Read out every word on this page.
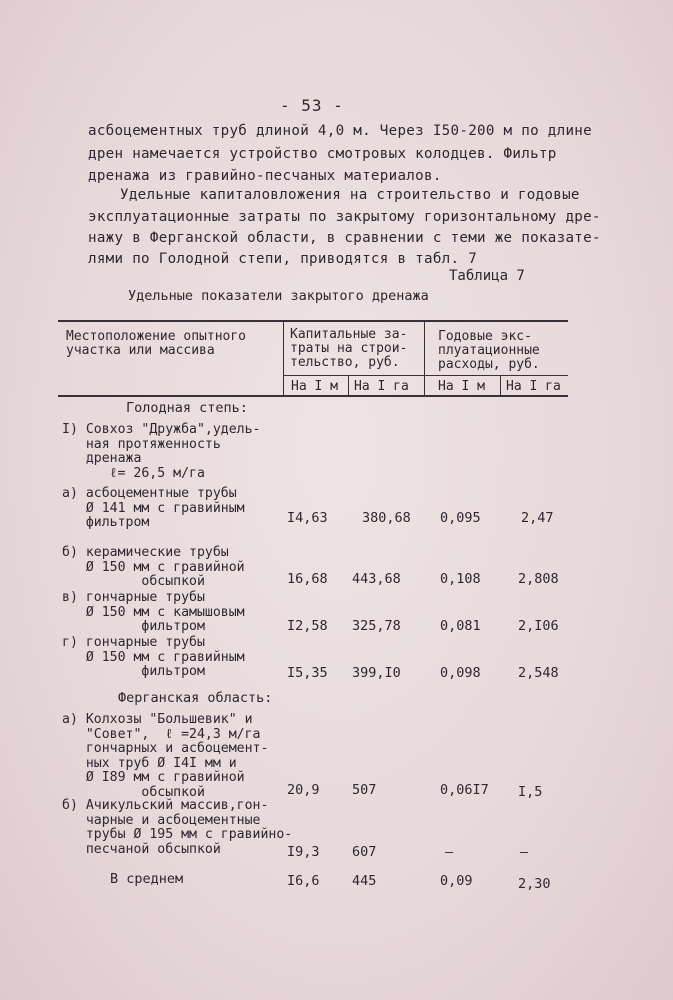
- 53 -
асбоцементных труб длиной 4,0 м. Через I50-200 м по длине
дрен намечается устройство смотровых колодцев. Фильтр
дренажа из гравийно-песчаных материалов.
Удельные капиталовложения на строительство и годовые
эксплуатационные затраты по закрытому горизонтальному дре-
нажу в Ферганской области, в сравнении с теми же показате-
лями по Голодной степи, приводятся в табл. 7
Таблица 7
Удельные показатели закрытого дренажа
Местоположение опытного
участка или массива
Капитальные за-
траты на строи-
тельство, руб.
Годовые экс-
плуатационные
расходы, руб.
На I м На I га На I м На I га
Голодная степь:
I) Совхоз "Дружба",удель-
ная протяженность
дренажа
ℓ= 26,5 м/га
а) асбоцементные трубы
Ø 141 мм с гравийным
фильтром	I4,63	380,68 0,095	2,47
б) керамические трубы
Ø 150 мм с гравийной
обсыпкой	16,68 443,68	0,108	2,808
в) гончарные трубы
Ø 150 мм с камышовым
фильтром	I2,58 325,78	0,081	2,I06
г) гончарные трубы
Ø 150 мм с гравийным
фильтром	I5,35 399,I0	0,098	2,548
Ферганская область:
а) Колхозы "Большевик" и
"Совет",  ℓ =24,3 м/га
гончарных и асбоцемент-
ных труб Ø I4I мм и
Ø I89 мм с гравийной
обсыпкой	20,9 507	0,06I7 I,5
б) Ачикульский массив,гон-
чарные и асбоцементные
трубы Ø 195 мм с гравийно-
песчаной обсыпкой	I9,3 607	–	–
В среднем	I6,6 445	0,09	2,30
